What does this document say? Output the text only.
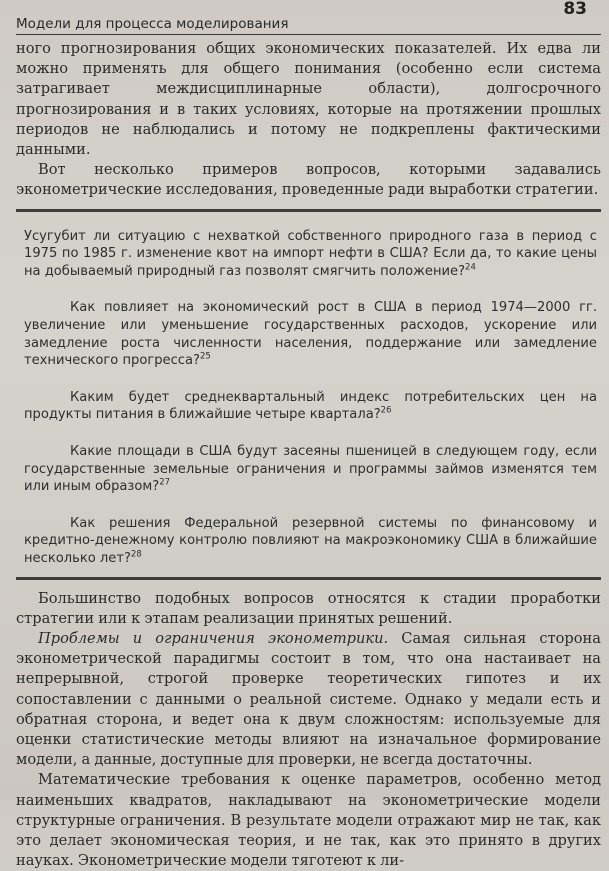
Модели для процесса моделирования
83

ного прогнозирования общих экономических показателей. Их едва ли можно применять для общего понимания (особенно если система затрагивает междисциплинарные области), долгосрочного прогнозирования и в таких условиях, которые на протяжении прошлых периодов не наблюдались и потому не подкреплены фактическими данными.

Вот несколько примеров вопросов, которыми задавались эконометрические исследования, проведенные ради выработки стратегии.

Усугубит ли ситуацию с нехваткой собственного природного газа в период с 1975 по 1985 г. изменение квот на импорт нефти в США? Если да, то какие цены на добываемый природный газ позволят смягчить положение?$^{24}$

Как повлияет на экономический рост в США в период 1974—2000 гг. увеличение или уменьшение государственных расходов, ускорение или замедление роста численности населения, поддержание или замедление технического прогресса?$^{25}$

Каким будет среднеквартальный индекс потребительских цен на продукты питания в ближайшие четыре квартала?$^{26}$

Какие площади в США будут засеяны пшеницей в следующем году, если государственные земельные ограничения и программы займов изменятся тем или иным образом?$^{27}$

Как решения Федеральной резервной системы по финансовому и кредитно-денежному контролю повлияют на макроэкономику США в ближайшие несколько лет?$^{28}$

Большинство подобных вопросов относятся к стадии проработки стратегии или к этапам реализации принятых решений.

Проблемы и ограничения эконометрики. Самая сильная сторона эконометрической парадигмы состоит в том, что она настаивает на непрерывной, строгой проверке теоретических гипотез и их сопоставлении с данными о реальной системе. Однако у медали есть и обратная сторона, и ведет она к двум сложностям: используемые для оценки статистические методы влияют на изначальное формирование модели, а данные, доступные для проверки, не всегда достаточны.

Математические требования к оценке параметров, особенно метод наименьших квадратов, накладывают на эконометрические модели структурные ограничения. В результате модели отражают мир не так, как это делает экономическая теория, и не так, как это принято в других науках. Эконометрические модели тяготеют к ли-
